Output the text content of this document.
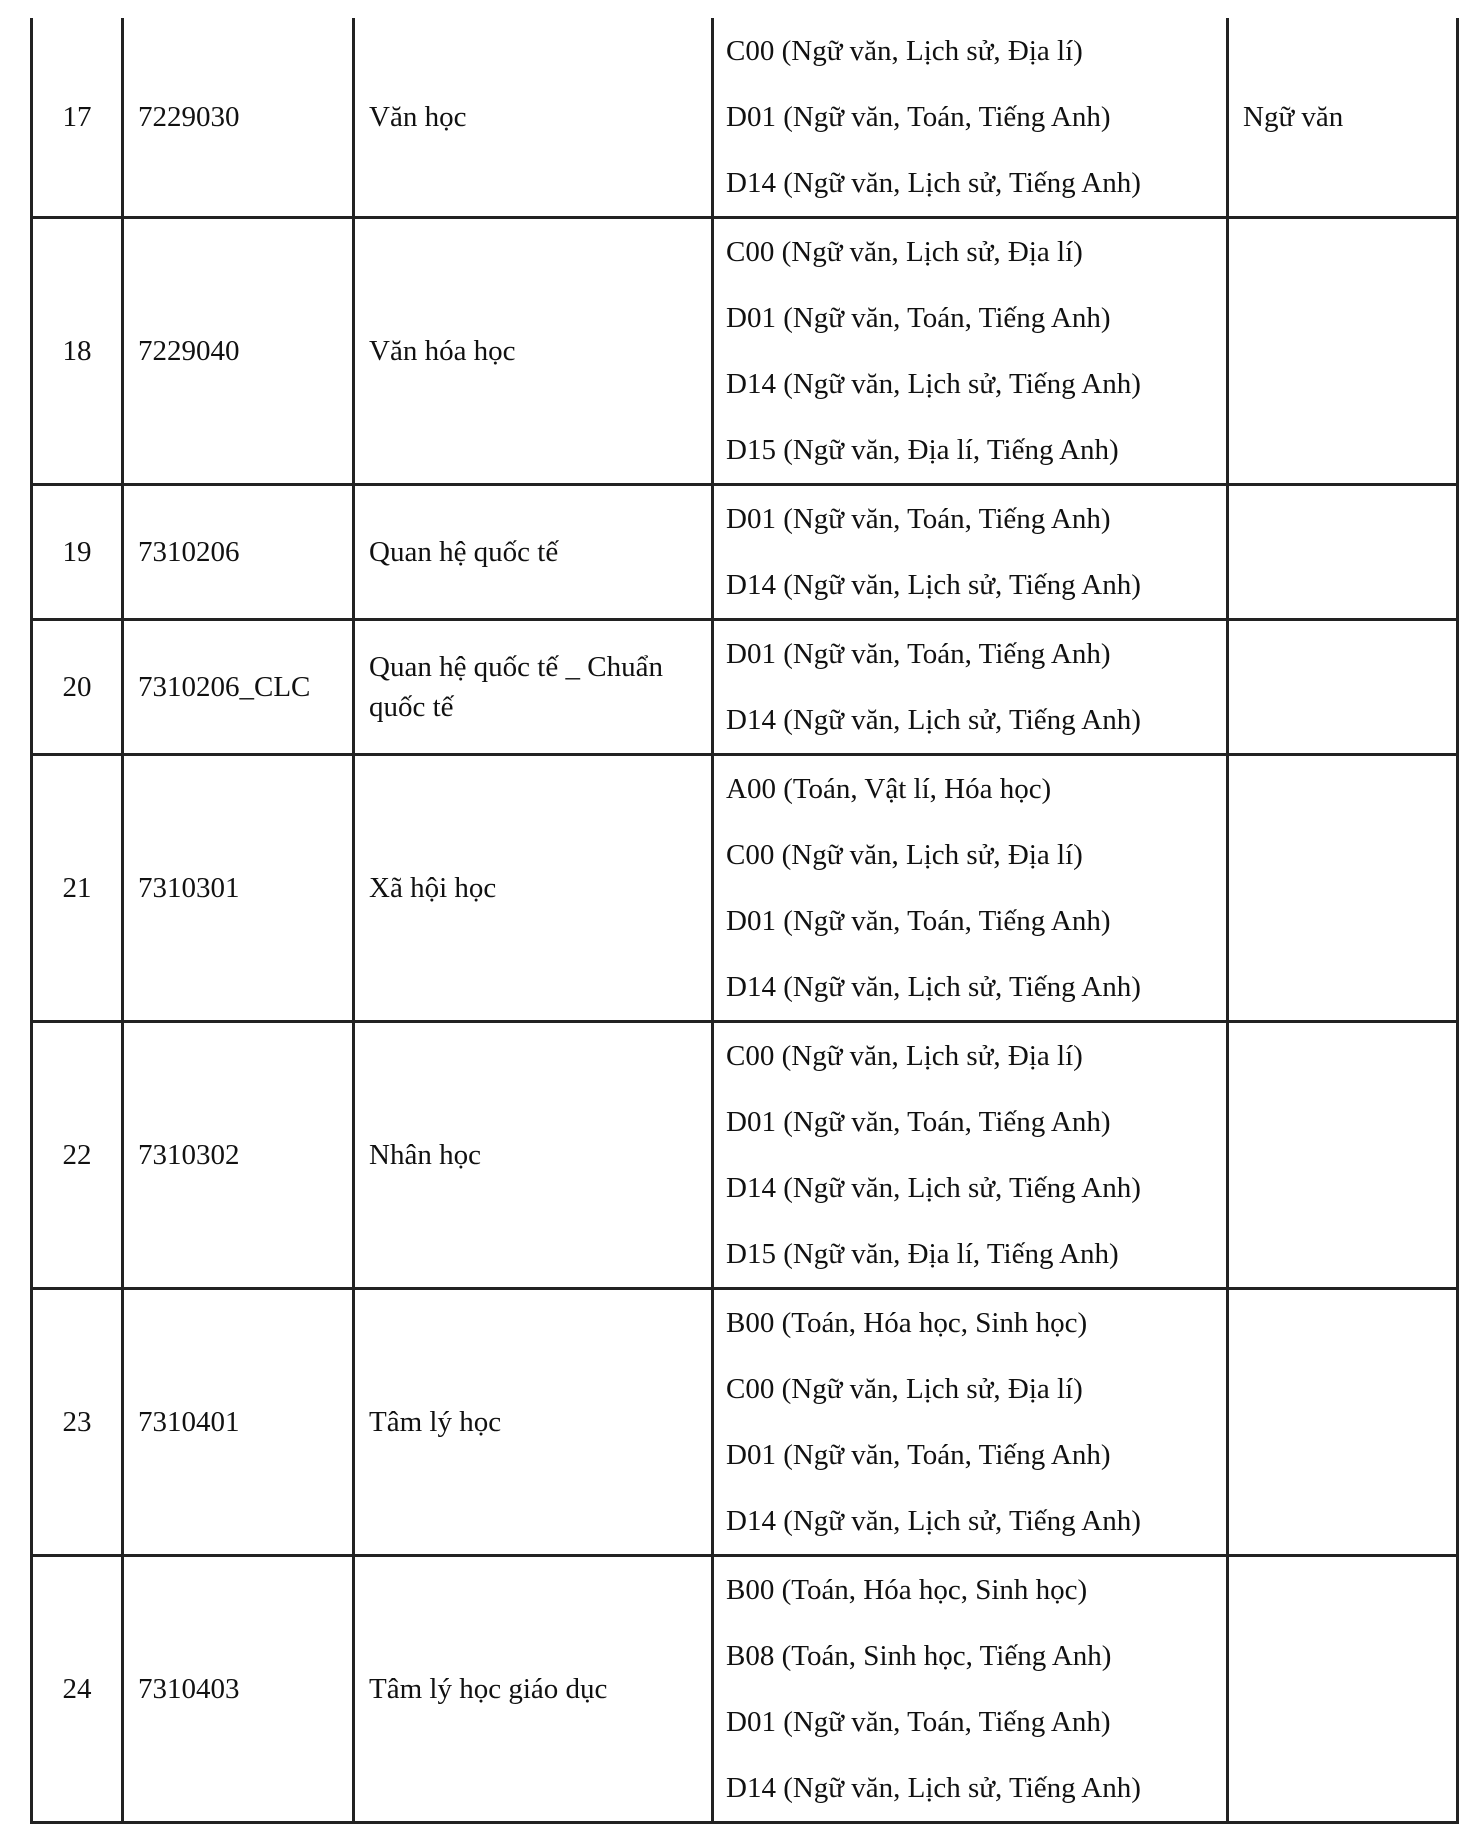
17	7229030	Văn học	C00 (Ngữ văn, Lịch sử, Địa lí)
D01 (Ngữ văn, Toán, Tiếng Anh)
D14 (Ngữ văn, Lịch sử, Tiếng Anh)	Ngữ văn
18	7229040	Văn hóa học	C00 (Ngữ văn, Lịch sử, Địa lí)
D01 (Ngữ văn, Toán, Tiếng Anh)
D14 (Ngữ văn, Lịch sử, Tiếng Anh)
D15 (Ngữ văn, Địa lí, Tiếng Anh)	

19	7310206	Quan hệ quốc tế	D01 (Ngữ văn, Toán, Tiếng Anh)
D14 (Ngữ văn, Lịch sử, Tiếng Anh)	

20	7310206_CLC	Quan hệ quốc tế _ Chuẩn quốc tế	D01 (Ngữ văn, Toán, Tiếng Anh)
D14 (Ngữ văn, Lịch sử, Tiếng Anh)	

21	7310301	Xã hội học	A00 (Toán, Vật lí, Hóa học)
C00 (Ngữ văn, Lịch sử, Địa lí)
D01 (Ngữ văn, Toán, Tiếng Anh)
D14 (Ngữ văn, Lịch sử, Tiếng Anh)	

22	7310302	Nhân học	C00 (Ngữ văn, Lịch sử, Địa lí)
D01 (Ngữ văn, Toán, Tiếng Anh)
D14 (Ngữ văn, Lịch sử, Tiếng Anh)
D15 (Ngữ văn, Địa lí, Tiếng Anh)	

23	7310401	Tâm lý học	B00 (Toán, Hóa học, Sinh học)
C00 (Ngữ văn, Lịch sử, Địa lí)
D01 (Ngữ văn, Toán, Tiếng Anh)
D14 (Ngữ văn, Lịch sử, Tiếng Anh)	

24	7310403	Tâm lý học giáo dục	B00 (Toán, Hóa học, Sinh học)
B08 (Toán, Sinh học, Tiếng Anh)
D01 (Ngữ văn, Toán, Tiếng Anh)
D14 (Ngữ văn, Lịch sử, Tiếng Anh)	
